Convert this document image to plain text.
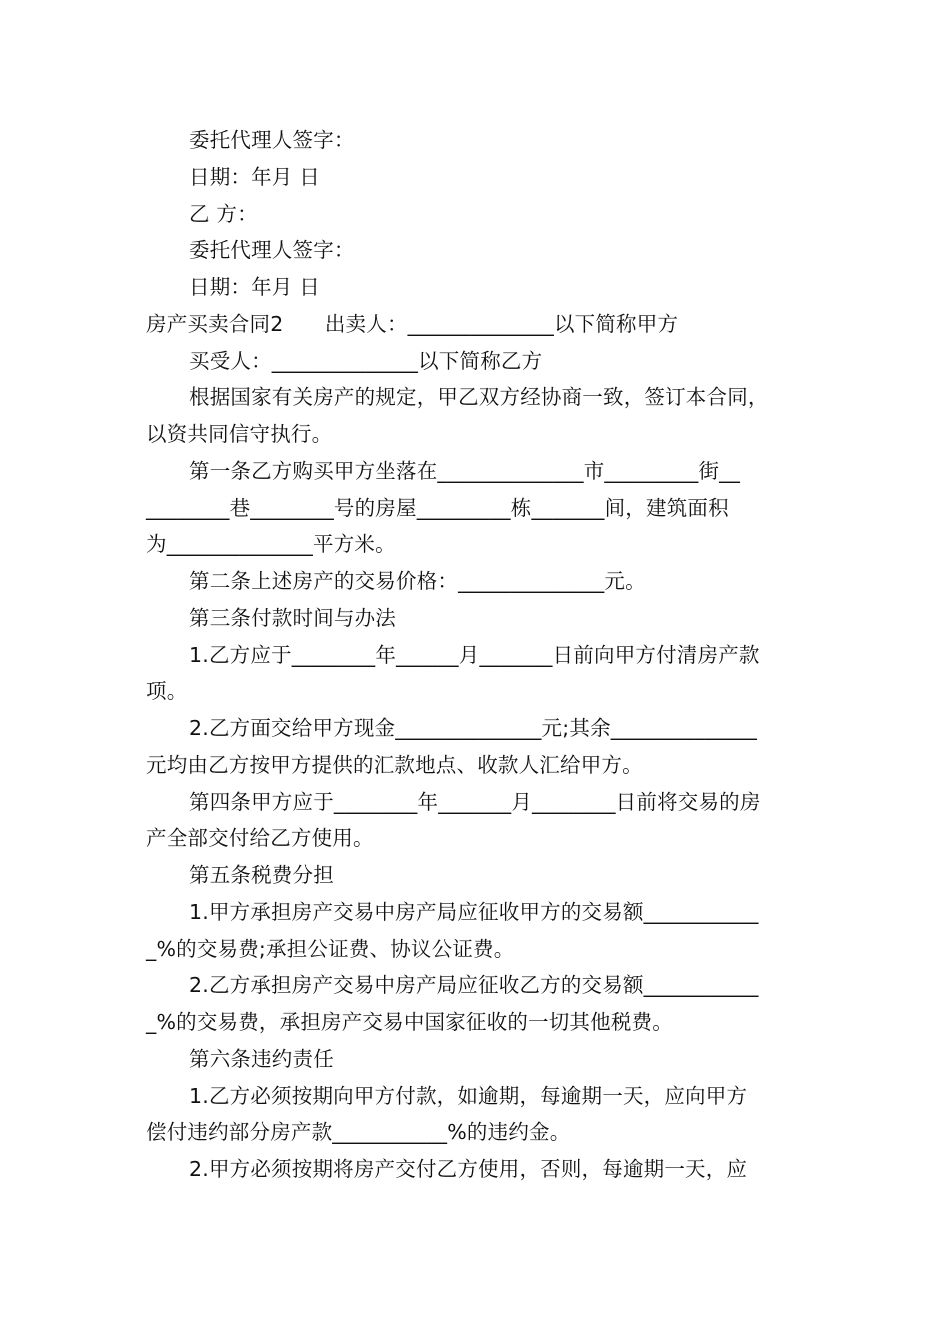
委托代理人签字：
日期：年月 日
乙 方：
委托代理人签字：
日期：年月 日
房产买卖合同2　　出卖人：______________以下简称甲方
买受人：______________以下简称乙方
根据国家有关房产的规定，甲乙双方经协商一致，签订本合同，
以资共同信守执行。
第一条乙方购买甲方坐落在______________市_________街__
________巷________号的房屋_________栋_______间，建筑面积
为______________平方米。
第二条上述房产的交易价格：______________元。
第三条付款时间与办法
1.乙方应于________年______月_______日前向甲方付清房产款
项。
2.乙方面交给甲方现金______________元;其余______________
元均由乙方按甲方提供的汇款地点、收款人汇给甲方。
第四条甲方应于________年_______月________日前将交易的房
产全部交付给乙方使用。
第五条税费分担
1.甲方承担房产交易中房产局应征收甲方的交易额___________
_%的交易费;承担公证费、协议公证费。
2.乙方承担房产交易中房产局应征收乙方的交易额___________
_%的交易费，承担房产交易中国家征收的一切其他税费。
第六条违约责任
1.乙方必须按期向甲方付款，如逾期，每逾期一天，应向甲方
偿付违约部分房产款___________%的违约金。
2.甲方必须按期将房产交付乙方使用，否则，每逾期一天，应
